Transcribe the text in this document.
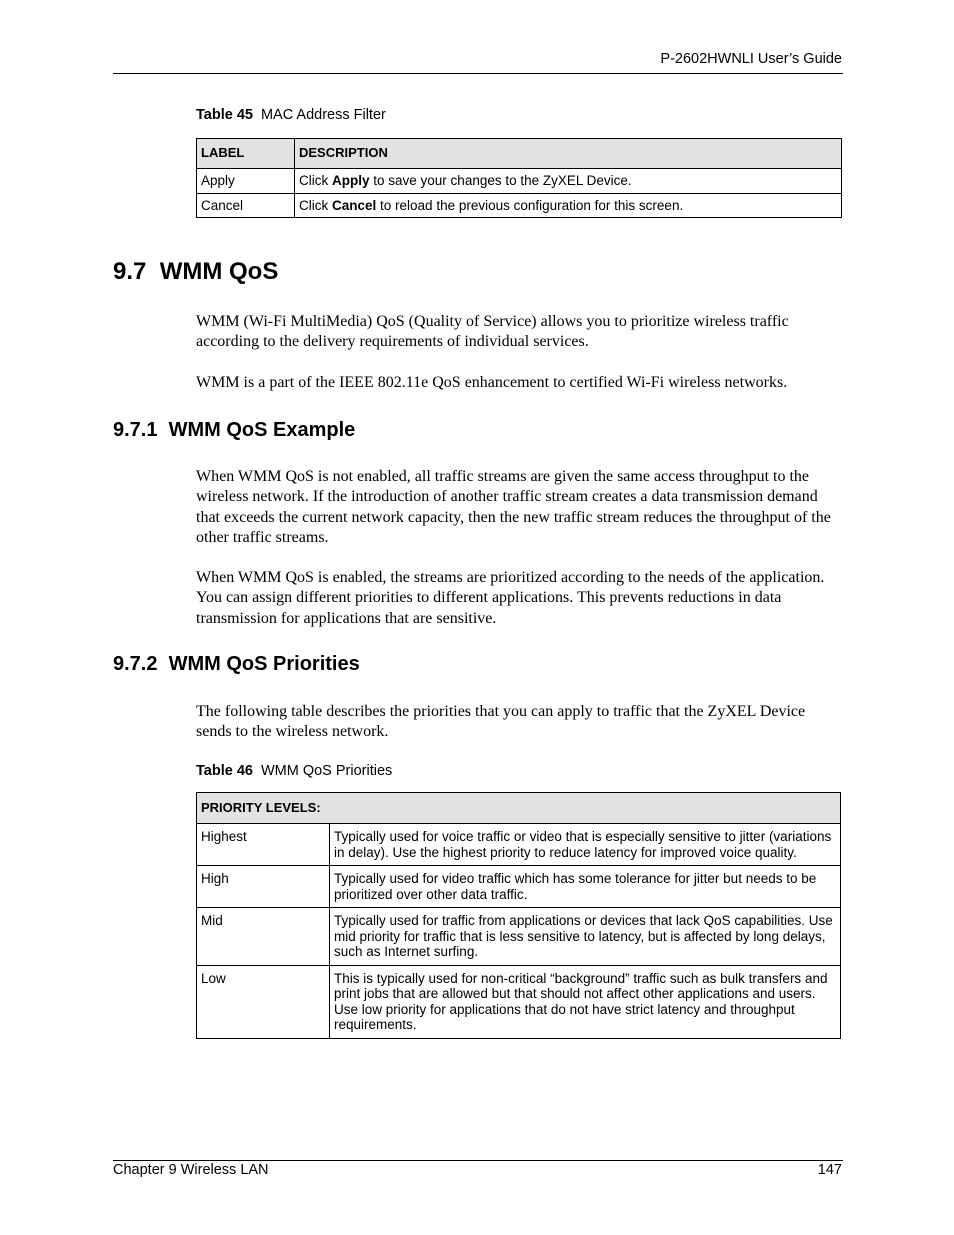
P-2602HWNLI User’s Guide
Table 45 MAC Address Filter
LABEL	DESCRIPTION
Apply	Click Apply to save your changes to the ZyXEL Device.
Cancel	Click Cancel to reload the previous configuration for this screen.
9.7  WMM QoS
WMM (Wi-Fi MultiMedia) QoS (Quality of Service) allows you to prioritize wireless traffic according to the delivery requirements of individual services.
WMM is a part of the IEEE 802.11e QoS enhancement to certified Wi-Fi wireless networks.
9.7.1  WMM QoS Example
When WMM QoS is not enabled, all traffic streams are given the same access throughput to the wireless network. If the introduction of another traffic stream creates a data transmission demand that exceeds the current network capacity, then the new traffic stream reduces the throughput of the other traffic streams.
When WMM QoS is enabled, the streams are prioritized according to the needs of the application. You can assign different priorities to different applications. This prevents reductions in data transmission for applications that are sensitive.
9.7.2  WMM QoS Priorities
The following table describes the priorities that you can apply to traffic that the ZyXEL Device sends to the wireless network.
Table 46 WMM QoS Priorities
PRIORITY LEVELS:	
Highest	Typically used for voice traffic or video that is especially sensitive to jitter (variations in delay). Use the highest priority to reduce latency for improved voice quality.
High	Typically used for video traffic which has some tolerance for jitter but needs to be prioritized over other data traffic.
Mid	Typically used for traffic from applications or devices that lack QoS capabilities. Use mid priority for traffic that is less sensitive to latency, but is affected by long delays, such as Internet surfing.
Low	This is typically used for non-critical “background” traffic such as bulk transfers and print jobs that are allowed but that should not affect other applications and users. Use low priority for applications that do not have strict latency and throughput requirements.
Chapter 9 Wireless LAN	147
